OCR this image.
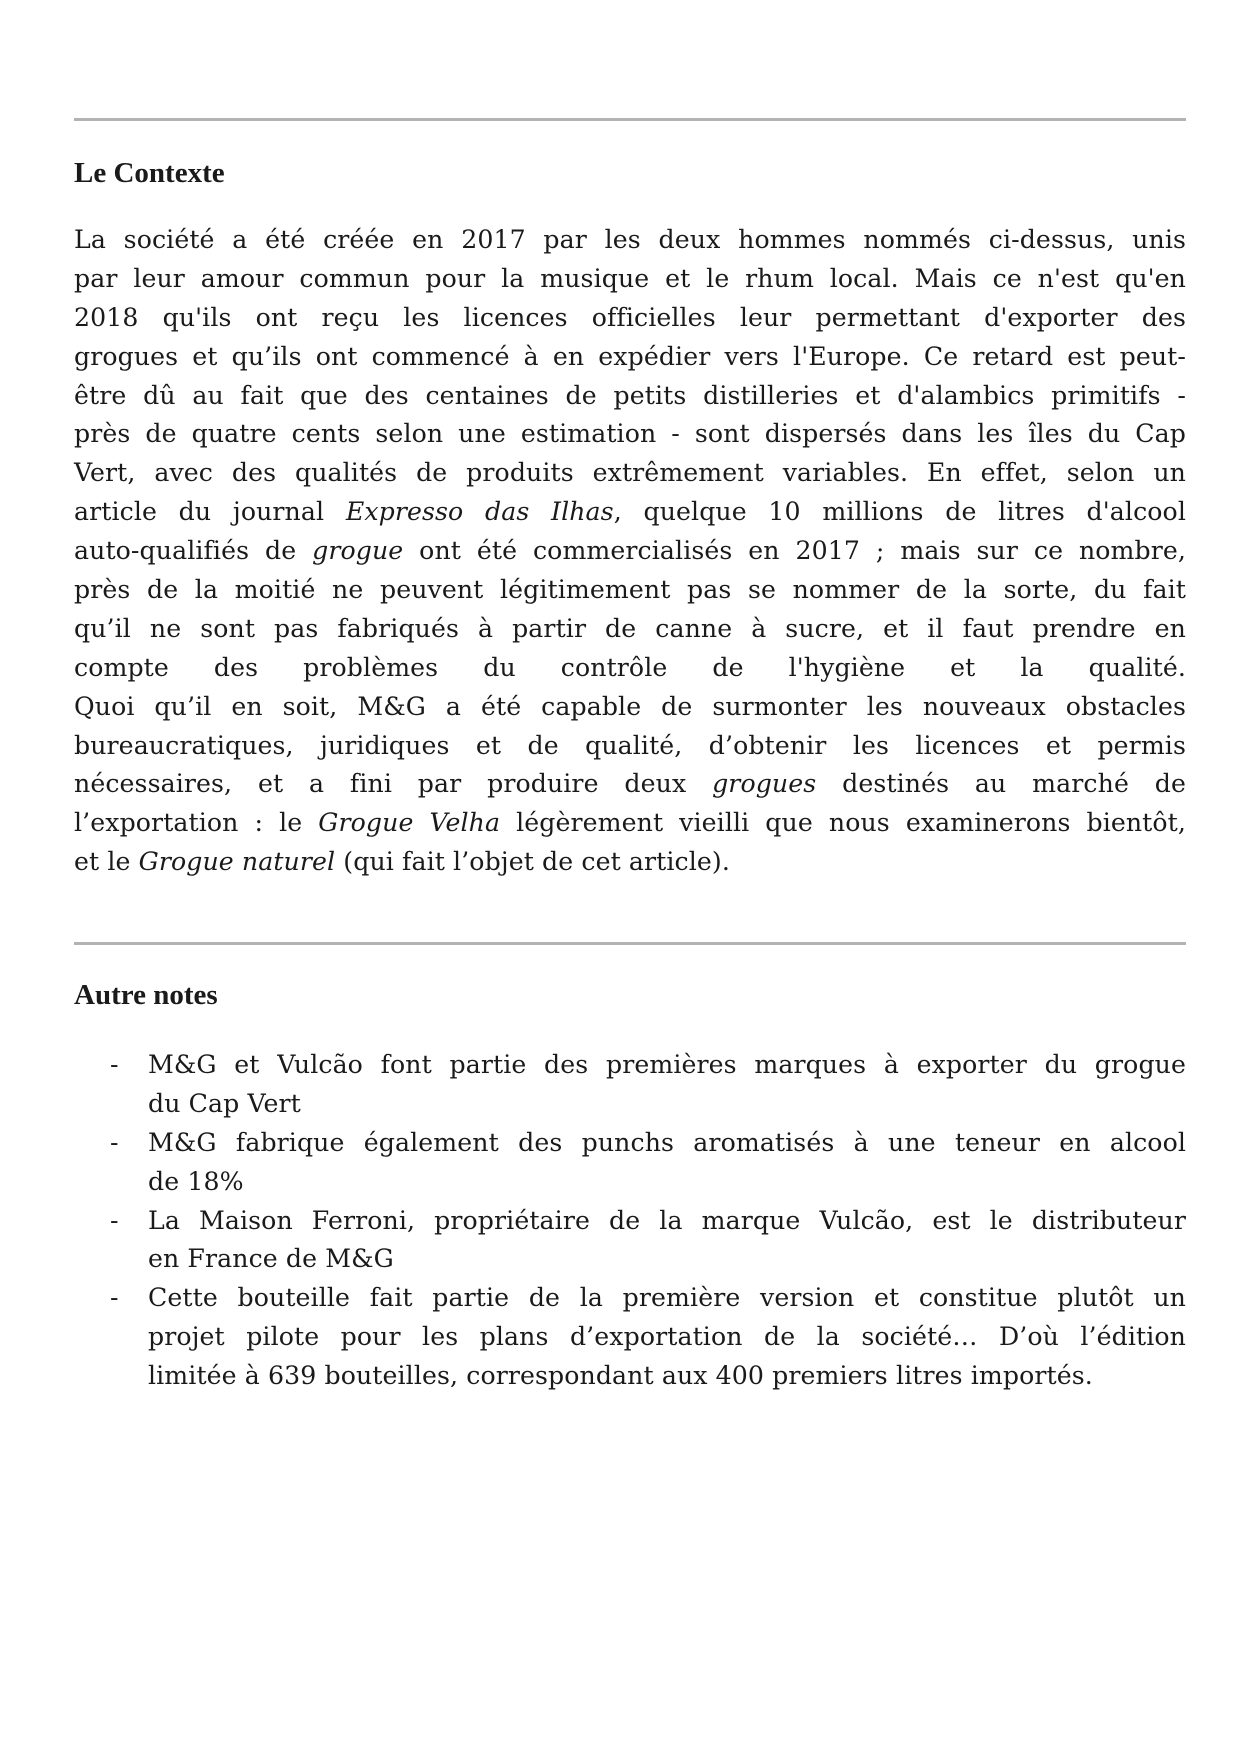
Le Contexte
La société a été créée en 2017 par les deux hommes nommés ci-dessus, unis
par leur amour commun pour la musique et le rhum local. Mais ce n'est qu'en
2018 qu'ils ont reçu les licences officielles leur permettant d'exporter des
grogues et qu’ils ont commencé à en expédier vers l'Europe. Ce retard est peut-
être dû au fait que des centaines de petits distilleries et d'alambics primitifs -
près de quatre cents selon une estimation - sont dispersés dans les îles du Cap
Vert, avec des qualités de produits extrêmement variables. En effet, selon un
article du journal Expresso das Ilhas, quelque 10 millions de litres d'alcool
auto-qualifiés de grogue ont été commercialisés en 2017 ; mais sur ce nombre,
près de la moitié ne peuvent légitimement pas se nommer de la sorte, du fait
qu’il ne sont pas fabriqués à partir de canne à sucre, et il faut prendre en
compte des problèmes du contrôle de l'hygiène et la qualité.
Quoi qu’il en soit, M&G a été capable de surmonter les nouveaux obstacles
bureaucratiques, juridiques et de qualité, d’obtenir les licences et permis
nécessaires, et a fini par produire deux grogues destinés au marché de
l’exportation : le Grogue Velha légèrement vieilli que nous examinerons bientôt,
et le Grogue naturel (qui fait l’objet de cet article).
Autre notes
- M&G et Vulcão font partie des premières marques à exporter du grogue
du Cap Vert
- M&G fabrique également des punchs aromatisés à une teneur en alcool
de 18%
- La Maison Ferroni, propriétaire de la marque Vulcão, est le distributeur
en France de M&G
- Cette bouteille fait partie de la première version et constitue plutôt un
projet pilote pour les plans d’exportation de la société… D’où l’édition
limitée à 639 bouteilles, correspondant aux 400 premiers litres importés.
